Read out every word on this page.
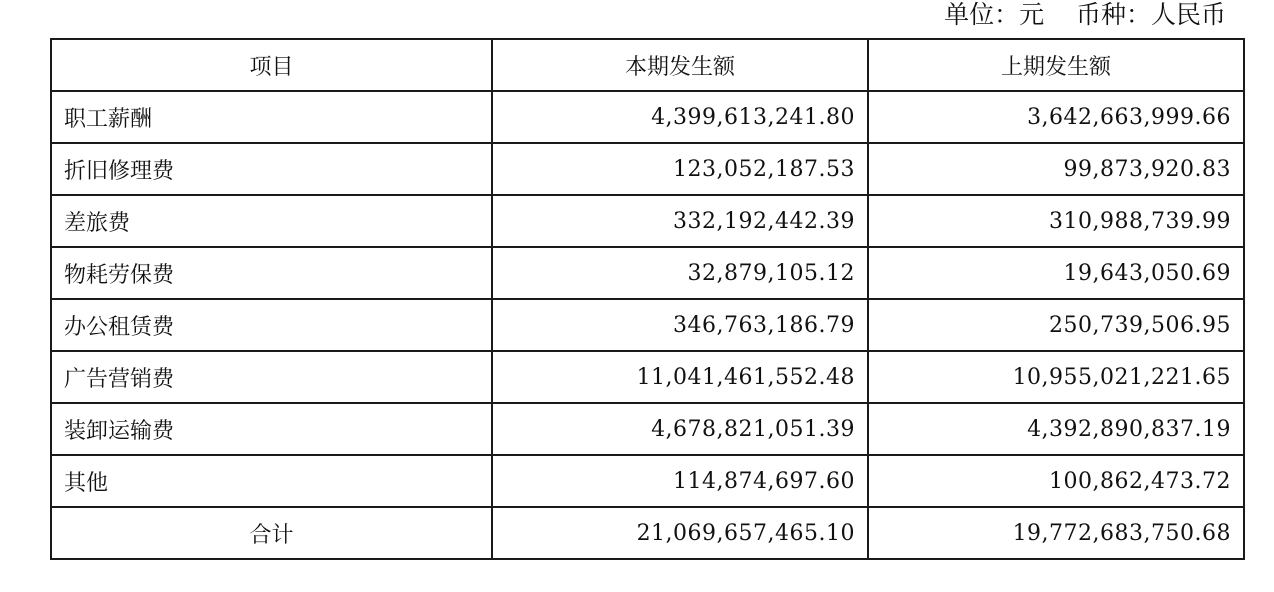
单位：元 币种：人民币
项目	本期发生额	上期发生额
职工薪酬	4,399,613,241.80	3,642,663,999.66
折旧修理费	123,052,187.53	99,873,920.83
差旅费	332,192,442.39	310,988,739.99
物耗劳保费	32,879,105.12	19,643,050.69
办公租赁费	346,763,186.79	250,739,506.95
广告营销费	11,041,461,552.48	10,955,021,221.65
装卸运输费	4,678,821,051.39	4,392,890,837.19
其他	114,874,697.60	100,862,473.72
合计	21,069,657,465.10	19,772,683,750.68
